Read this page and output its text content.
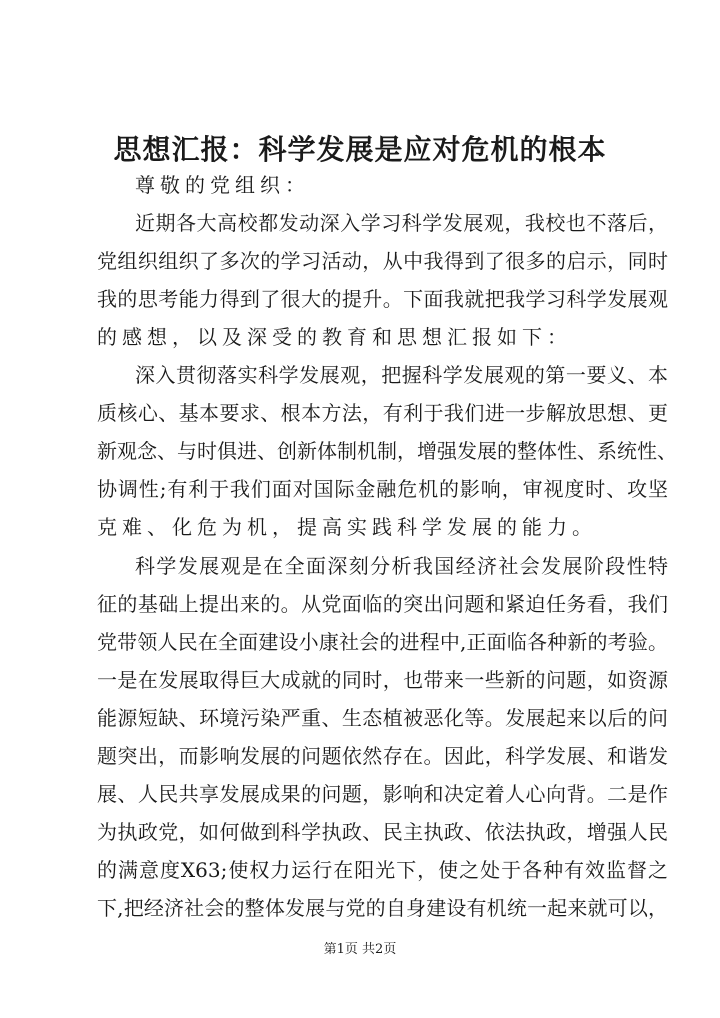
思想汇报：科学发展是应对危机的根本
尊敬的党组织：
近期各大高校都发动深入学习科学发展观，我校也不落后，
党组织组织了多次的学习活动，从中我得到了很多的启示，同时
我的思考能力得到了很大的提升。下面我就把我学习科学发展观
的感想，以及深受的教育和思想汇报如下：
深入贯彻落实科学发展观，把握科学发展观的第一要义、本
质核心、基本要求、根本方法，有利于我们进一步解放思想、更
新观念、与时俱进、创新体制机制，增强发展的整体性、系统性、
协调性;有利于我们面对国际金融危机的影响，审视度时、攻坚
克难、化危为机，提高实践科学发展的能力。
科学发展观是在全面深刻分析我国经济社会发展阶段性特
征的基础上提出来的。从党面临的突出问题和紧迫任务看，我们
党带领人民在全面建设小康社会的进程中,正面临各种新的考验。
一是在发展取得巨大成就的同时，也带来一些新的问题，如资源
能源短缺、环境污染严重、生态植被恶化等。发展起来以后的问
题突出，而影响发展的问题依然存在。因此，科学发展、和谐发
展、人民共享发展成果的问题，影响和决定着人心向背。二是作
为执政党，如何做到科学执政、民主执政、依法执政，增强人民
的满意度X63;使权力运行在阳光下，使之处于各种有效监督之
下,把经济社会的整体发展与党的自身建设有机统一起来就可以，
第1页 共2页
